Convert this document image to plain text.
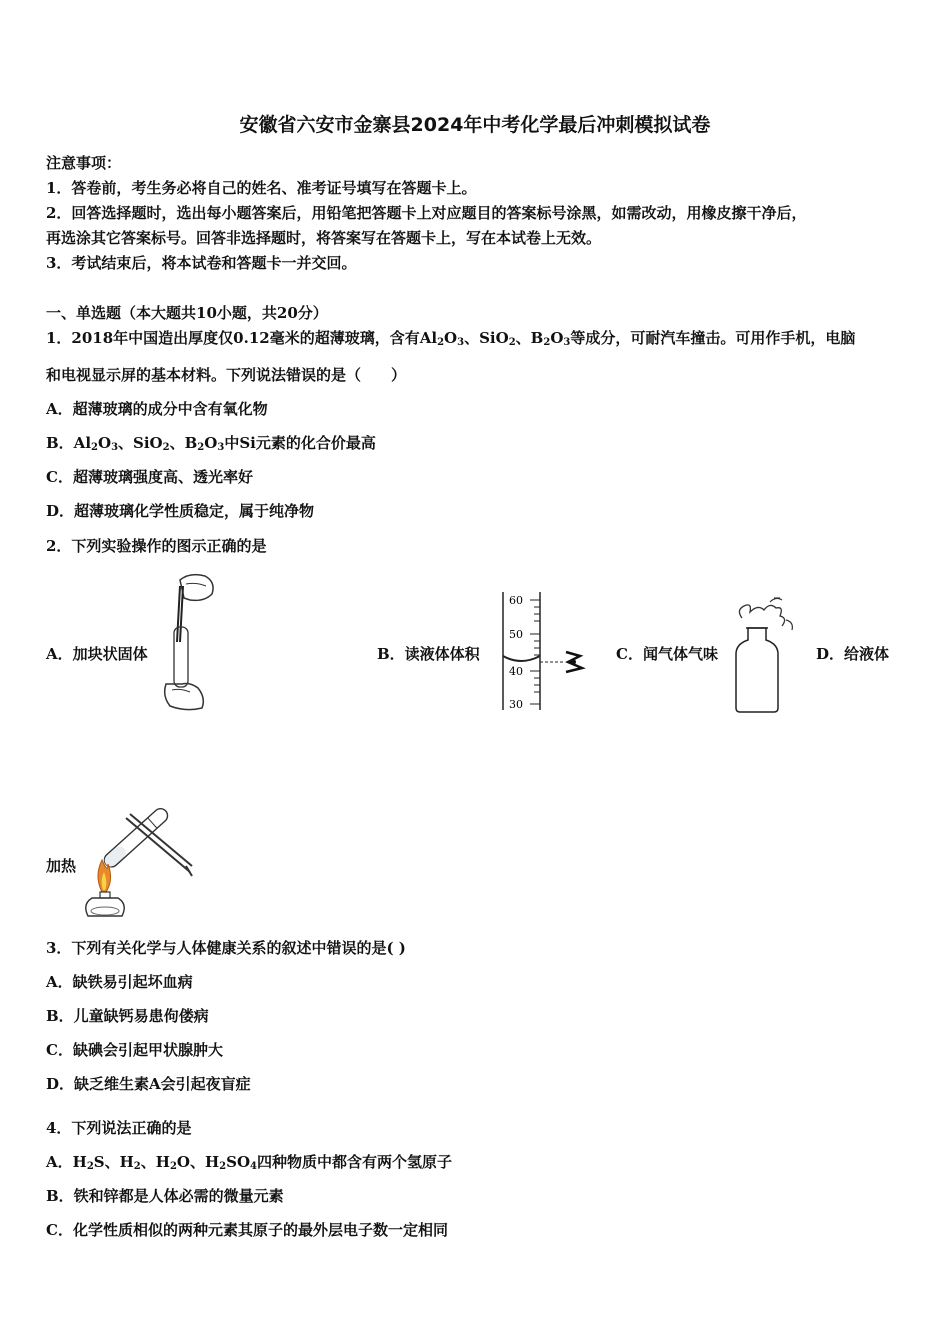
安徽省六安市金寨县2024年中考化学最后冲刺模拟试卷
注意事项：
1．答卷前，考生务必将自己的姓名、准考证号填写在答题卡上。
2．回答选择题时，选出每小题答案后，用铅笔把答题卡上对应题目的答案标号涂黑，如需改动，用橡皮擦干净后，
再选涂其它答案标号。回答非选择题时，将答案写在答题卡上，写在本试卷上无效。
3．考试结束后，将本试卷和答题卡一并交回。
一、单选题（本大题共10小题，共20分）
1．2018年中国造出厚度仅0.12毫米的超薄玻璃，含有$Al_2O_3$、SiO$_2$、$B_2O_3$等成分，可耐汽车撞击。可用作手机，电脑
和电视显示屏的基本材料。下列说法错误的是（　　）
A．超薄玻璃的成分中含有氧化物
B．$Al_2O_3$、SiO$_2$、$B_2O_3$中Si元素的化合价最高
C．超薄玻璃强度高、透光率好
D．超薄玻璃化学性质稳定，属于纯净物
2．下列实验操作的图示正确的是
A．加块状固体	B．读液体体积
60
50
40
30
C．闻气体气味	D．给液体
加热
3．下列有关化学与人体健康关系的叙述中错误的是( )
A．缺铁易引起坏血病
B．儿童缺钙易患佝偻病
C．缺碘会引起甲状腺肿大
D．缺乏维生素A会引起夜盲症
4．下列说法正确的是
A．$H_2S$、$H_2$、$H_2O$、$H_2SO_4$四种物质中都含有两个氢原子
B．铁和锌都是人体必需的微量元素
C．化学性质相似的两种元素其原子的最外层电子数一定相同
